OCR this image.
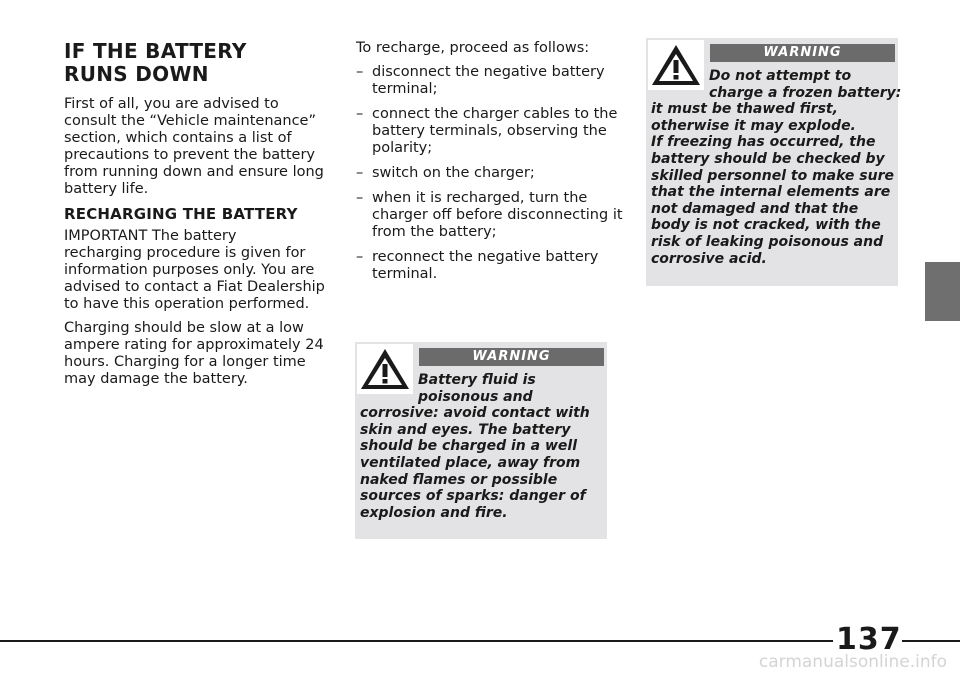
IF THE BATTERY
RUNS DOWN

First of all, you are advised to
consult the “Vehicle maintenance”
section, which contains a list of
precautions to prevent the battery
from running down and ensure long
battery life.

RECHARGING THE BATTERY

IMPORTANT The battery
recharging procedure is given for
information purposes only. You are
advised to contact a Fiat Dealership
to have this operation performed.

Charging should be slow at a low
ampere rating for approximately 24
hours. Charging for a longer time
may damage the battery.

To recharge, proceed as follows:

– disconnect the negative battery
terminal;
– connect the charger cables to the
battery terminals, observing the
polarity;
– switch on the charger;
– when it is recharged, turn the
charger off before disconnecting it
from the battery;
– reconnect the negative battery
terminal.
WARNING
Battery fluid is
poisonous and
corrosive: avoid contact with
skin and eyes. The battery
should be charged in a well
ventilated place, away from
naked flames or possible
sources of sparks: danger of
explosion and fire.
WARNING
Do not attempt to
charge a frozen battery:
it must be thawed first,
otherwise it may explode.
If freezing has occurred, the
battery should be checked by
skilled personnel to make sure
that the internal elements are
not damaged and that the
body is not cracked, with the
risk of leaking poisonous and
corrosive acid.
137
carmanualsonline.info
